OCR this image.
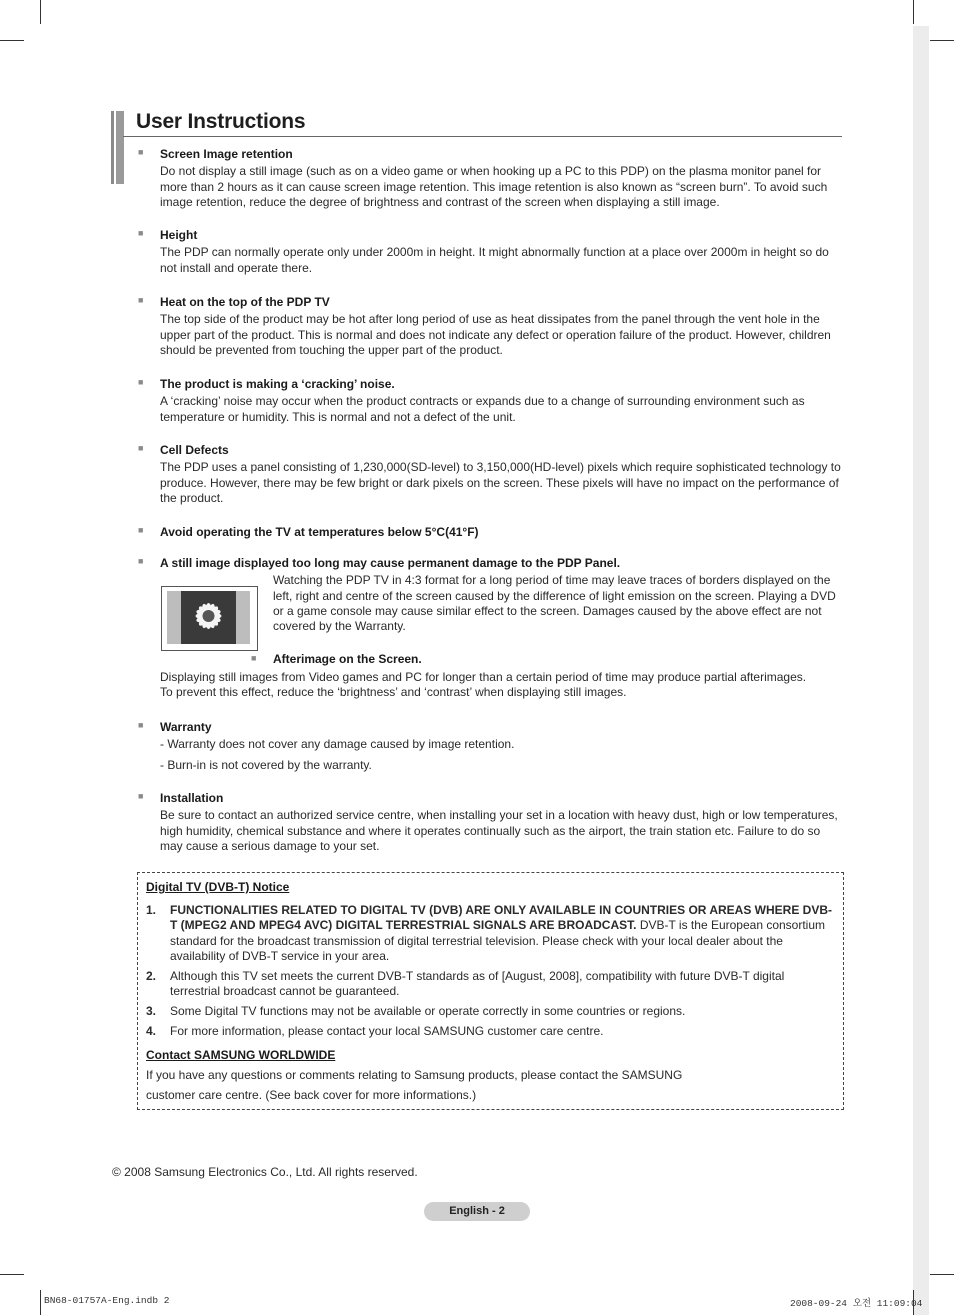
User Instructions
■ Screen Image retention

Do not display a still image (such as on a video game or when hooking up a PC to this PDP) on the plasma monitor panel for more than 2 hours as it can cause screen image retention. This image retention is also known as “screen burn”. To avoid such image retention, reduce the degree of brightness and contrast of the screen when displaying a still image.

■ Height

The PDP can normally operate only under 2000m in height. It might abnormally function at a place over 2000m in height so do not install and operate there.

■ Heat on the top of the PDP TV

The top side of the product may be hot after long period of use as heat dissipates from the panel through the vent hole in the upper part of the product. This is normal and does not indicate any defect or operation failure of the product. However, children should be prevented from touching the upper part of the product.

■ The product is making a ‘cracking’ noise.

A ‘cracking’ noise may occur when the product contracts or expands due to a change of surrounding environment such as temperature or humidity. This is normal and not a defect of the unit.

■ Cell Defects

The PDP uses a panel consisting of 1,230,000(SD-level) to 3,150,000(HD-level) pixels which require sophisticated technology to produce. However, there may be few bright or dark pixels on the screen. These pixels will have no impact on the performance of the product.

■ Avoid operating the TV at temperatures below 5°C(41°F)
■ A still image displayed too long may cause permanent damage to the PDP Panel.
Watching the PDP TV in 4:3 format for a long period of time may leave traces of borders displayed on the left, right and centre of the screen caused by the difference of light emission on the screen. Playing a DVD or a game console may cause similar effect to the screen. Damages caused by the above effect are not covered by the Warranty.
■ Afterimage on the Screen.

Displaying still images from Video games and PC for longer than a certain period of time may produce partial afterimages.

To prevent this effect, reduce the ‘brightness’ and ‘contrast’ when displaying still images.

■ Warranty

- Warranty does not cover any damage caused by image retention.

- Burn-in is not covered by the warranty.

■ Installation

Be sure to contact an authorized service centre, when installing your set in a location with heavy dust, high or low temperatures, high humidity, chemical substance and where it operates continually such as the airport, the train station etc. Failure to do so may cause a serious damage to your set.

Digital TV (DVB-T) Notice
1. FUNCTIONALITIES RELATED TO DIGITAL TV (DVB) ARE ONLY AVAILABLE IN COUNTRIES OR AREAS WHERE DVB-T (MPEG2 AND MPEG4 AVC) DIGITAL TERRESTRIAL SIGNALS ARE BROADCAST. DVB-T is the European consortium standard for the broadcast transmission of digital terrestrial television. Please check with your local dealer about the availability of DVB-T service in your area.
2. Although this TV set meets the current DVB-T standards as of [August, 2008], compatibility with future DVB-T digital terrestrial broadcast cannot be guaranteed.
3. Some Digital TV functions may not be available or operate correctly in some countries or regions.
4. For more information, please contact your local SAMSUNG customer care centre.
Contact SAMSUNG WORLDWIDE
If you have any questions or comments relating to Samsung products, please contact the SAMSUNG
customer care centre. (See back cover for more informations.)
© 2008 Samsung Electronics Co., Ltd. All rights reserved.
English - 2
BN68-01757A-Eng.indb 2	2008-09-24 오전 11:09:04
